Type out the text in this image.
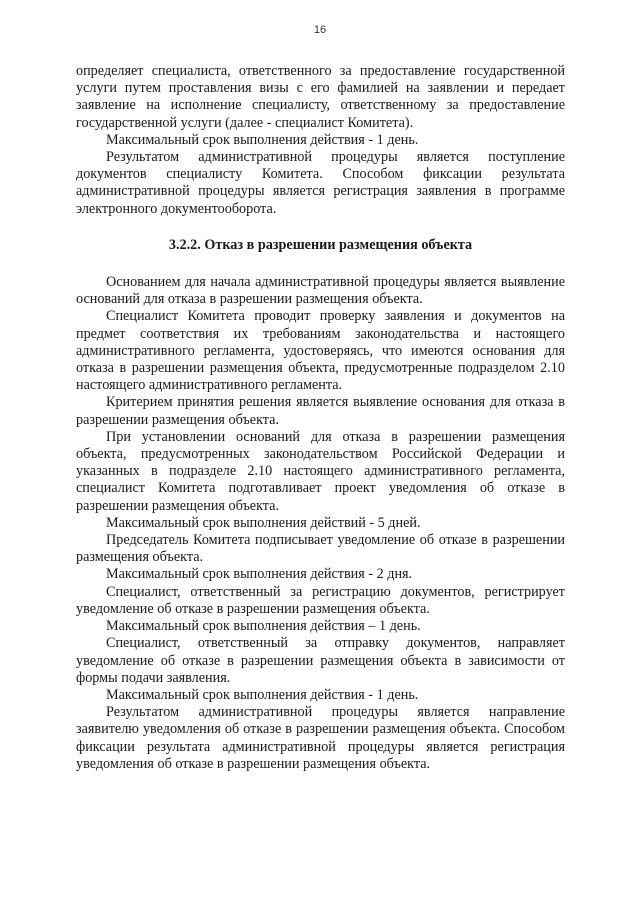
16

определяет специалиста, ответственного за предоставление государственной услуги путем проставления визы с его фамилией на заявлении и передает заявление на исполнение специалисту, ответственному за предоставление государственной услуги (далее - специалист Комитета).

Максимальный срок выполнения действия - 1 день.

Результатом административной процедуры является поступление документов специалисту Комитета. Способом фиксации результата административной процедуры является регистрация заявления в программе электронного документооборота.

3.2.2. Отказ в разрешении размещения объекта

Основанием для начала административной процедуры является выявление оснований для отказа в разрешении размещения объекта.

Специалист Комитета проводит проверку заявления и документов на предмет соответствия их требованиям законодательства и настоящего административного регламента, удостоверяясь, что имеются основания для отказа в разрешении размещения объекта, предусмотренные подразделом 2.10 настоящего административного регламента.

Критерием принятия решения является выявление основания для отказа в разрешении размещения объекта.

При установлении оснований для отказа в разрешении размещения объекта, предусмотренных законодательством Российской Федерации и указанных в подразделе 2.10 настоящего административного регламента, специалист Комитета подготавливает проект уведомления об отказе в разрешении размещения объекта.

Максимальный срок выполнения действий - 5 дней.

Председатель Комитета подписывает уведомление об отказе в разрешении размещения объекта.

Максимальный срок выполнения действия - 2 дня.

Специалист, ответственный за регистрацию документов, регистрирует уведомление об отказе в разрешении размещения объекта.

Максимальный срок выполнения действия – 1 день.

Специалист, ответственный за отправку документов, направляет уведомление об отказе в разрешении размещения объекта в зависимости от формы подачи заявления.

Максимальный срок выполнения действия - 1 день.

Результатом административной процедуры является направление заявителю уведомления об отказе в разрешении размещения объекта. Способом фиксации результата административной процедуры является регистрация уведомления об отказе в разрешении размещения объекта.
